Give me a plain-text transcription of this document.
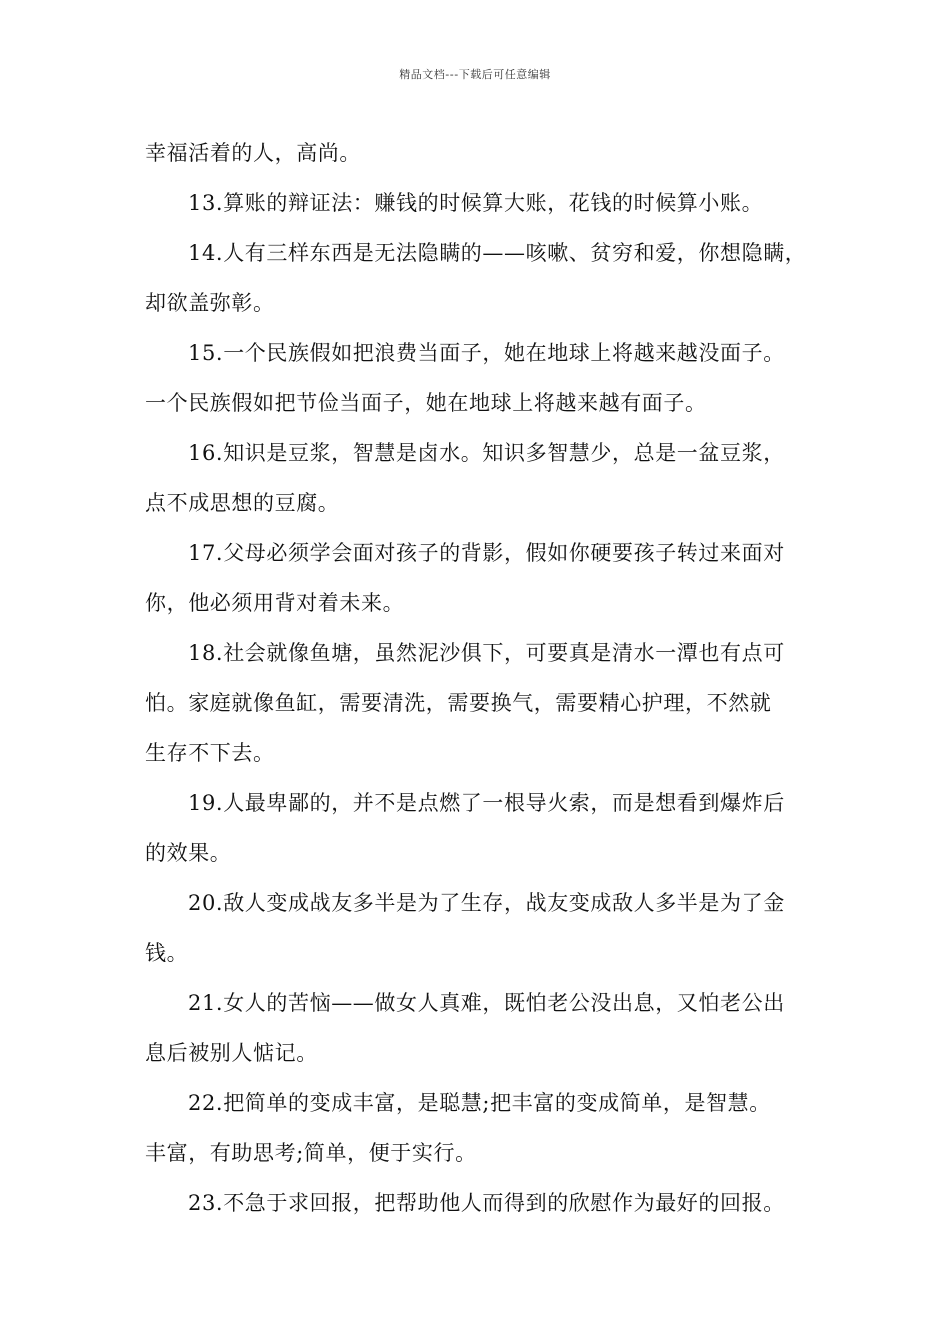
精品文档---下载后可任意编辑
幸福活着的人，高尚。
13.算账的辩证法：赚钱的时候算大账，花钱的时候算小账。
14.人有三样东西是无法隐瞒的——咳嗽、贫穷和爱，你想隐瞒，
却欲盖弥彰。
15.一个民族假如把浪费当面子，她在地球上将越来越没面子。
一个民族假如把节俭当面子，她在地球上将越来越有面子。
16.知识是豆浆，智慧是卤水。知识多智慧少，总是一盆豆浆，
点不成思想的豆腐。
17.父母必须学会面对孩子的背影，假如你硬要孩子转过来面对
你，他必须用背对着未来。
18.社会就像鱼塘，虽然泥沙俱下，可要真是清水一潭也有点可
怕。家庭就像鱼缸，需要清洗，需要换气，需要精心护理，不然就
生存不下去。
19.人最卑鄙的，并不是点燃了一根导火索，而是想看到爆炸后
的效果。
20.敌人变成战友多半是为了生存，战友变成敌人多半是为了金
钱。
21.女人的苦恼——做女人真难，既怕老公没出息，又怕老公出
息后被别人惦记。
22.把简单的变成丰富，是聪慧;把丰富的变成简单，是智慧。
丰富，有助思考;简单，便于实行。
23.不急于求回报，把帮助他人而得到的欣慰作为最好的回报。
